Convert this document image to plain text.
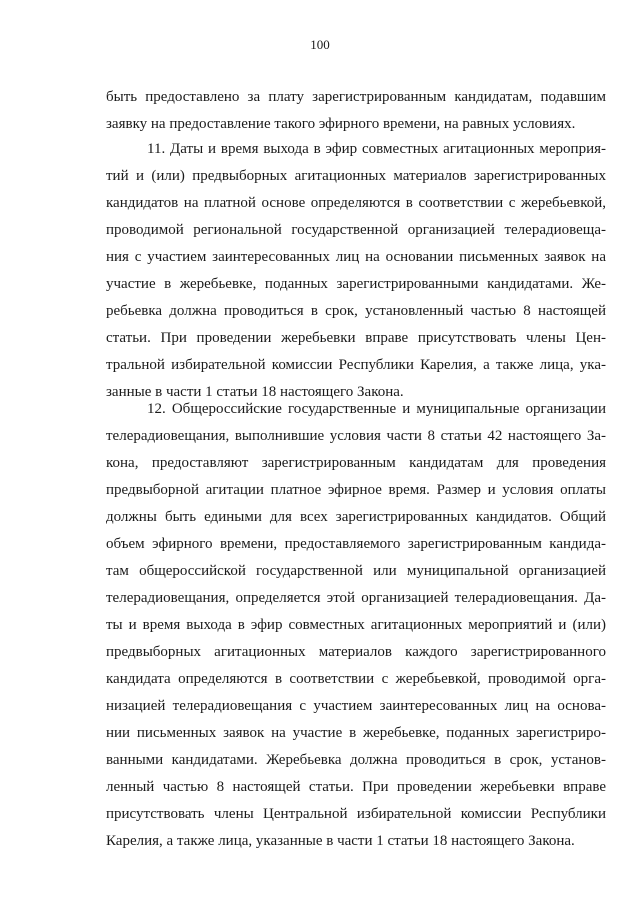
100
быть предоставлено за плату зарегистрированным кандидатам, подавшим
заявку на предоставление такого эфирного времени, на равных условиях.
11. Даты и время выхода в эфир совместных агитационных мероприя-
тий и (или) предвыборных агитационных материалов зарегистрированных
кандидатов на платной основе определяются в соответствии с жеребьевкой,
проводимой региональной государственной организацией телерадиовеща-
ния с участием заинтересованных лиц на основании письменных заявок на
участие в жеребьевке, поданных зарегистрированными кандидатами. Же-
ребьевка должна проводиться в срок, установленный частью 8 настоящей
статьи. При проведении жеребьевки вправе присутствовать члены Цен-
тральной избирательной комиссии Республики Карелия, а также лица, ука-
занные в части 1 статьи 18 настоящего Закона.
12. Общероссийские государственные и муниципальные организации
телерадиовещания, выполнившие условия части 8 статьи 42 настоящего За-
кона, предоставляют зарегистрированным кандидатам для проведения
предвыборной агитации платное эфирное время. Размер и условия оплаты
должны быть едиными для всех зарегистрированных кандидатов. Общий
объем эфирного времени, предоставляемого зарегистрированным кандида-
там общероссийской государственной или муниципальной организацией
телерадиовещания, определяется этой организацией телерадиовещания. Да-
ты и время выхода в эфир совместных агитационных мероприятий и (или)
предвыборных агитационных материалов каждого зарегистрированного
кандидата определяются в соответствии с жеребьевкой, проводимой орга-
низацией телерадиовещания с участием заинтересованных лиц на основа-
нии письменных заявок на участие в жеребьевке, поданных зарегистриро-
ванными кандидатами. Жеребьевка должна проводиться в срок, установ-
ленный частью 8 настоящей статьи. При проведении жеребьевки вправе
присутствовать члены Центральной избирательной комиссии Республики
Карелия, а также лица, указанные в части 1 статьи 18 настоящего Закона.
